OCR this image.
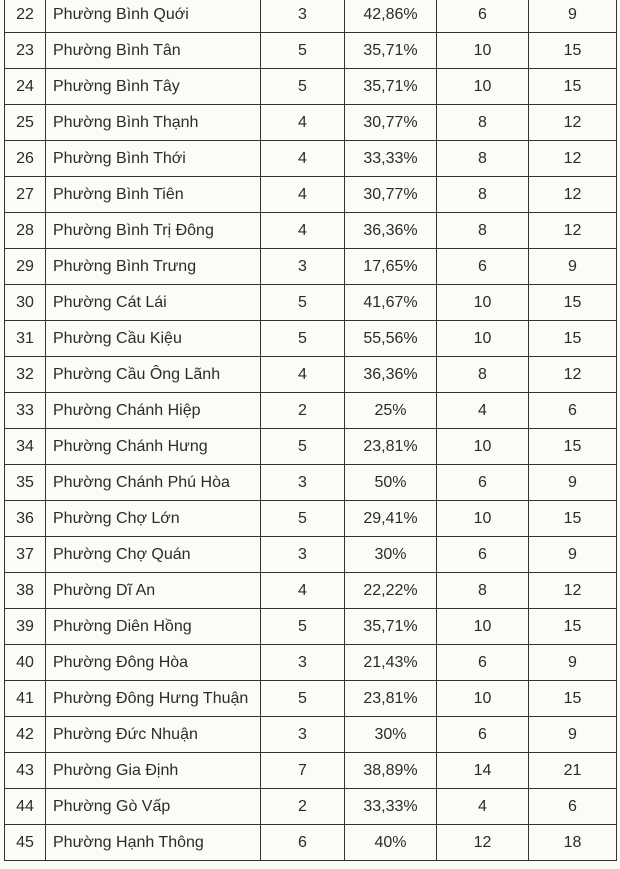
22	Phường Bình Quới	3	42,86%	6	9
23	Phường Bình Tân	5	35,71%	10	15
24	Phường Bình Tây	5	35,71%	10	15
25	Phường Bình Thạnh	4	30,77%	8	12
26	Phường Bình Thới	4	33,33%	8	12
27	Phường Bình Tiên	4	30,77%	8	12
28	Phường Bình Trị Đông	4	36,36%	8	12
29	Phường Bình Trưng	3	17,65%	6	9
30	Phường Cát Lái	5	41,67%	10	15
31	Phường Cầu Kiệu	5	55,56%	10	15
32	Phường Cầu Ông Lãnh	4	36,36%	8	12
33	Phường Chánh Hiệp	2	25%	4	6
34	Phường Chánh Hưng	5	23,81%	10	15
35	Phường Chánh Phú Hòa	3	50%	6	9
36	Phường Chợ Lớn	5	29,41%	10	15
37	Phường Chợ Quán	3	30%	6	9
38	Phường Dĩ An	4	22,22%	8	12
39	Phường Diên Hồng	5	35,71%	10	15
40	Phường Đông Hòa	3	21,43%	6	9
41	Phường Đông Hưng Thuận	5	23,81%	10	15
42	Phường Đức Nhuận	3	30%	6	9
43	Phường Gia Định	7	38,89%	14	21
44	Phường Gò Vấp	2	33,33%	4	6
45	Phường Hạnh Thông	6	40%	12	18
